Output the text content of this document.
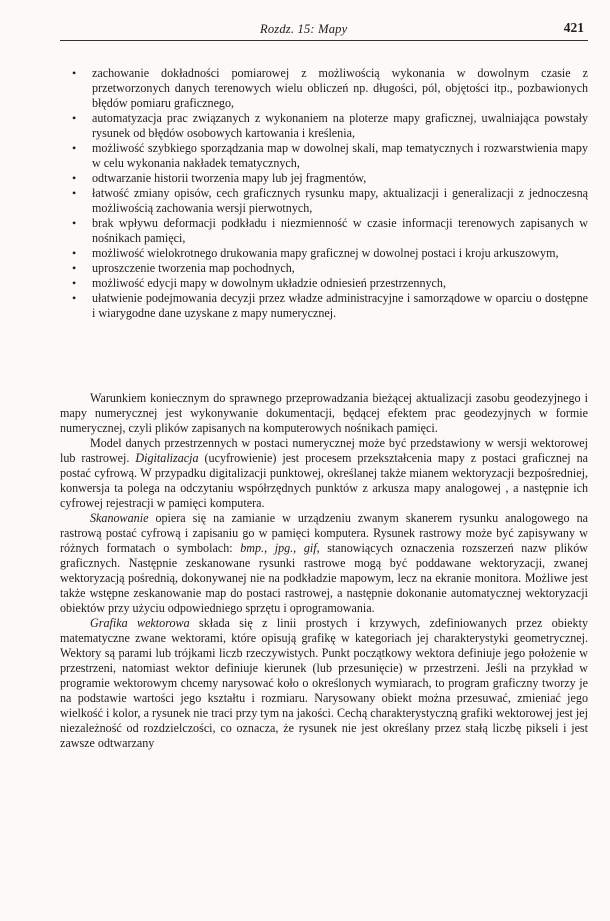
Rozdz. 15: Mapy	421
• zachowanie dokładności pomiarowej z możliwością wykonania w dowolnym czasie z przetworzonych danych terenowych wielu obliczeń np. długości, pól, objętości itp., pozbawionych błędów pomiaru graficznego,
• automatyzacja prac związanych z wykonaniem na ploterze mapy graficznej, uwalniająca powstały rysunek od błędów osobowych kartowania i kreślenia,
• możliwość szybkiego sporządzania map w dowolnej skali, map tematycznych i rozwarstwienia mapy w celu wykonania nakładek tematycznych,
• odtwarzanie historii tworzenia mapy lub jej fragmentów,
• łatwość zmiany opisów, cech graficznych rysunku mapy, aktualizacji i generalizacji z jednoczesną możliwością zachowania wersji pierwotnych,
• brak wpływu deformacji podkładu i niezmienność w czasie informacji terenowych zapisanych w nośnikach pamięci,
• możliwość wielokrotnego drukowania mapy graficznej w dowolnej postaci i kroju arkuszowym,
• uproszczenie tworzenia map pochodnych,
• możliwość edycji mapy w dowolnym układzie odniesień przestrzennych,
• ułatwienie podejmowania decyzji przez władze administracyjne i samorządowe w oparciu o dostępne i wiarygodne dane uzyskane z mapy numerycznej.

Warunkiem koniecznym do sprawnego przeprowadzania bieżącej aktualizacji zasobu geodezyjnego i mapy numerycznej jest wykonywanie dokumentacji, będącej efektem prac geodezyjnych w formie numerycznej, czyli plików zapisanych na komputerowych nośnikach pamięci.

Model danych przestrzennych w postaci numerycznej może być przedstawiony w wersji wektorowej lub rastrowej. Digitalizacja (ucyfrowienie) jest procesem przekształcenia mapy z postaci graficznej na postać cyfrową. W przypadku digitalizacji punktowej, określanej także mianem wektoryzacji bezpośredniej, konwersja ta polega na odczytaniu współrzędnych punktów z arkusza mapy analogowej , a następnie ich cyfrowej rejestracji w pamięci komputera.

Skanowanie opiera się na zamianie w urządzeniu zwanym skanerem rysunku analogowego na rastrową postać cyfrową i zapisaniu go w pamięci komputera. Rysunek rastrowy może być zapisywany w różnych formatach o symbolach: bmp., jpg., gif, stanowiących oznaczenia rozszerzeń nazw plików graficznych. Następnie zeskanowane rysunki rastrowe mogą być poddawane wektoryzacji, zwanej wektoryzacją pośrednią, dokonywanej nie na podkładzie mapowym, lecz na ekranie monitora. Możliwe jest także wstępne zeskanowanie map do postaci rastrowej, a następnie dokonanie automatycznej wektoryzacji obiektów przy użyciu odpowiedniego sprzętu i oprogramowania.

Grafika wektorowa składa się z linii prostych i krzywych, zdefiniowanych przez obiekty matematyczne zwane wektorami, które opisują grafikę w kategoriach jej charakterystyki geometrycznej. Wektory są parami lub trójkami liczb rzeczywistych. Punkt początkowy wektora definiuje jego położenie w przestrzeni, natomiast wektor definiuje kierunek (lub przesunięcie) w przestrzeni. Jeśli na przykład w programie wektorowym chcemy narysować koło o określonych wymiarach, to program graficzny tworzy je na podstawie wartości jego kształtu i rozmiaru. Narysowany obiekt można przesuwać, zmieniać jego wielkość i kolor, a rysunek nie traci przy tym na jakości. Cechą charakterystyczną grafiki wektorowej jest jej niezależność od rozdzielczości, co oznacza, że rysunek nie jest określany przez stałą liczbę pikseli i jest zawsze odtwarzany
